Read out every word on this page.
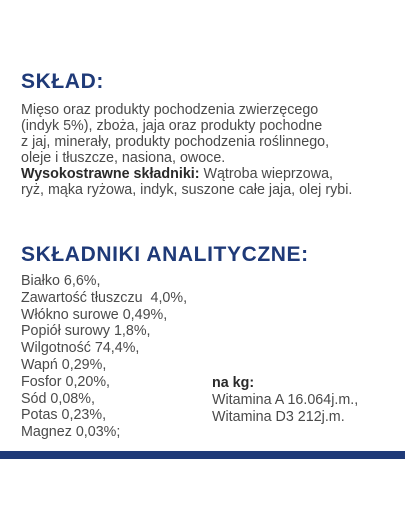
SKŁAD:

Mięso oraz produkty pochodzenia zwierzęcego
(indyk 5%), zboża, jaja oraz produkty pochodne
z jaj, minerały, produkty pochodzenia roślinnego,
oleje i tłuszcze, nasiona, owoce.
Wysokostrawne składniki: Wątroba wieprzowa,
ryż, mąka ryżowa, indyk, suszone całe jaja, olej rybi.

SKŁADNIKI ANALITYCZNE:
Białko 6,6%,
Zawartość tłuszczu  4,0%,
Włókno surowe 0,49%,
Popiół surowy 1,8%,
Wilgotność 74,4%,
Wapń 0,29%,
Fosfor 0,20%,
Sód 0,08%,
Potas 0,23%,
Magnez 0,03%;
na kg:
Witamina A 16.064j.m.,
Witamina D3 212j.m.
